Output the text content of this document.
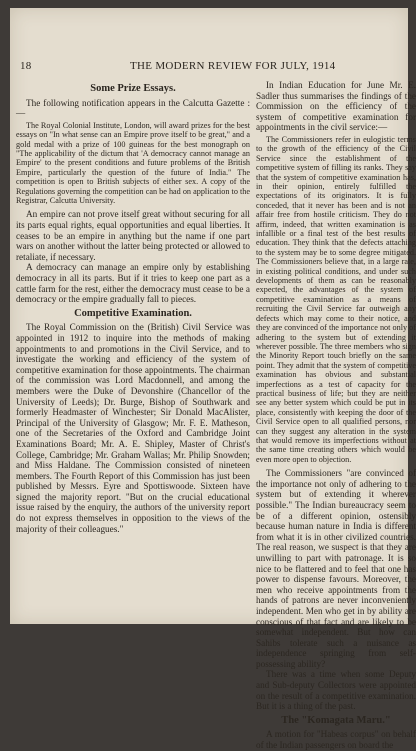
18	THE MODERN REVIEW FOR JULY, 1914
Some Prize Essays.

The following notification appears in the Calcutta Gazette :—

The Royal Colonial Institute, London, will award prizes for the best essays on "In what sense can an Empire prove itself to be great," and a gold medal with a prize of 100 guineas for the best monograph on "The applicability of the dictum that 'A democracy cannot manage an Empire' to the present conditions and future problems of the British Empire, particularly the question of the future of India." The competition is open to British subjects of either sex. A copy of the Regulations governing the competition can be had on application to the Registrar, Calcutta University.

An empire can not prove itself great without securing for all its parts equal rights, equal opportunities and equal liberties. It ceases to be an empire in anything but the name if one part wars on another without the latter being protected or allowed to retaliate, if necessary.

A democracy can manage an empire only by establishing democracy in all its parts. But if it tries to keep one part as a cattle farm for the rest, either the democracy must cease to be a democracy or the empire gradually fall to pieces.

Competitive Examination.

The Royal Commission on the (British) Civil Service was appointed in 1912 to inquire into the methods of making appointments to and promotions in the Civil Service, and to investigate the working and efficiency of the system of competitive examination for those appointments. The chairman of the commission was Lord Macdonnell, and among the members were the Duke of Devonshire (Chancellor of the University of Leeds); Dr. Burge, Bishop of Southwark and formerly Headmaster of Winchester; Sir Donald MacAlister, Principal of the University of Glasgow; Mr. F. E. Matheson, one of the Secretaries of the Oxford and Cambridge Joint Examinations Board; Mr. A. E. Shipley, Master of Christ's College, Cambridge; Mr. Graham Wallas; Mr. Philip Snowden; and Miss Haldane. The Commission consisted of nineteen members. The Fourth Report of this Commission has just been published by Messrs. Eyre and Spottiswoode. Sixteen have signed the majority report. "But on the crucial educational issue raised by the enquiry, the authors of the university report do not express themselves in opposition to the views of the majority of their colleagues."

In Indian Education for June Mr. E. Sadler thus summarises the findings of the Commission on the efficiency of the system of competitive examination for appointments in the civil service:—

The Commissioners refer in eulogistic terms to the growth of the efficiency of the Civil Service since the establishment of the competitive system of filling its ranks. They say that the system of competitive examination has, in their opinion, entirely fulfilled the expectations of its originators. It is fully conceded, that it never has been and is not an affair free from hostile criticism. They do not affirm, indeed, that written examination is as infallible or a final test of the best results of education. They think that the defects attaching to the system may be to some degree mitigated. The Commissioners believe that, in a large rate, in existing political conditions, and under such developments of them as can be reasonably expected, the advantages of the system of competitive examination as a means of recruiting the Civil Service far outweigh any defects which may come to their notice, and they are convinced of the importance not only of adhering to the system but of extending it wherever possible. The three members who sign the Minority Report touch briefly on the same point. They admit that the system of competitive examination has obvious and substantial imperfections as a test of capacity for the practical business of life; but they are neither see any better system which could be put in its place, consistently with keeping the door of the Civil Service open to all qualified persons, nor can they suggest any alteration in the system that would remove its imperfections without at the same time creating others which would be even more open to objection.

The Commissioners "are convinced of the importance not only of adhering to the system but of extending it wherever possible." The Indian bureaucracy seem to be of a different opinion, ostensibly because human nature in India is different from what it is in other civilized countries. The real reason, we suspect is that they are unwilling to part with patronage. It is so nice to be flattered and to feel that one has power to dispense favours. Moreover, the men who receive appointments from the hands of patrons are never inconveniently independent. Men who get in by ability are conscious of that fact and are likely to be somewhat independent. But how can Sahibs tolerate such a nuisance as independence springing from self-possessing ability?

There was a time when some Deputy and Sub-deputy Collectors were appointed on the result of a competitive examination. But it is a thing of the past.

The "Komagata Maru."

A motion for "Habeas corpus" on behalf of the Indian passengers on board the
